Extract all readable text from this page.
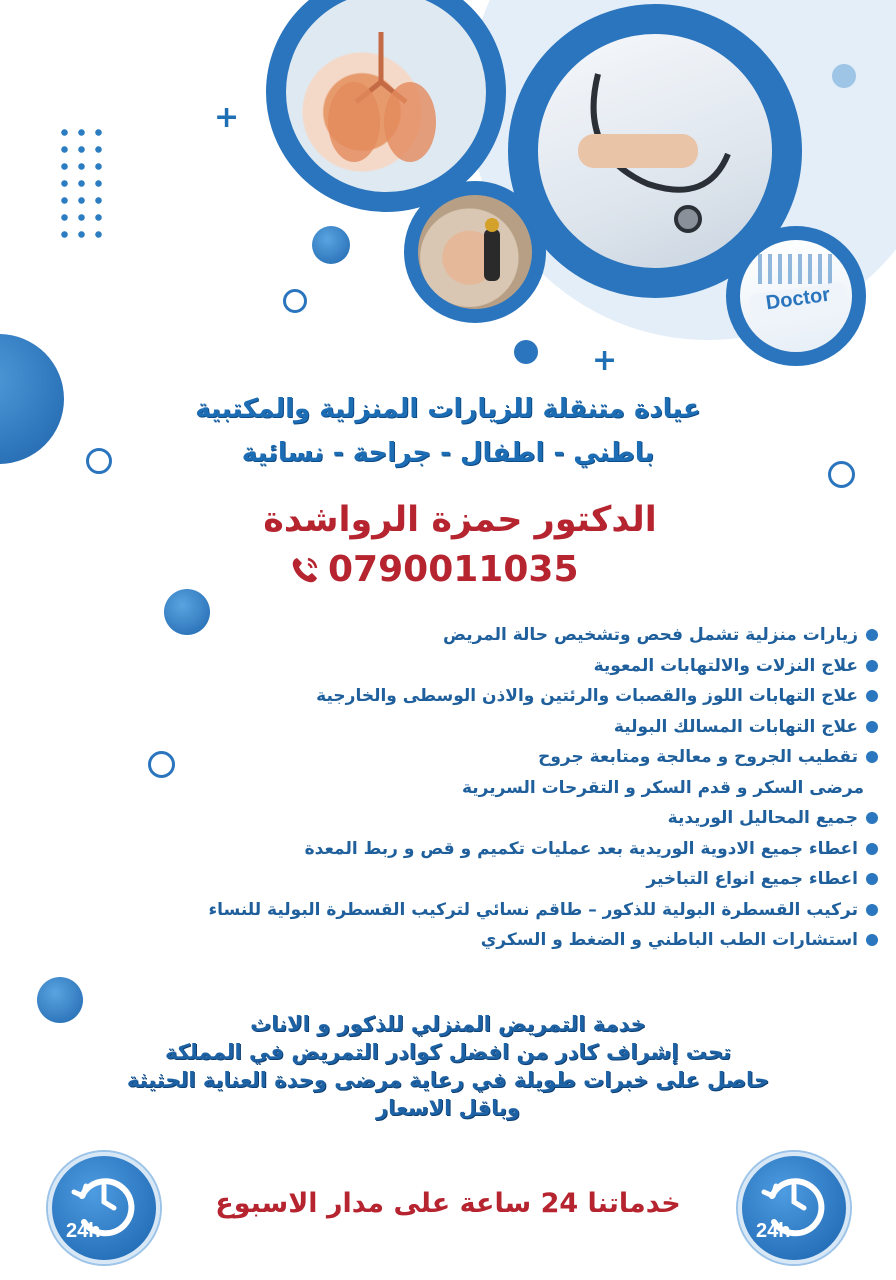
+
+
Doctor
عيادة متنقلة للزيارات المنزلية والمكتبية
باطني - اطفال - جراحة - نسائية
الدكتور حمزة الرواشدة
0790011035
زيارات منزلية تشمل فحص وتشخيص حالة المريض
علاج النزلات والالتهابات المعوية
علاج التهابات اللوز والقصبات والرئتين والاذن الوسطى والخارجية
علاج التهابات المسالك البولية
تقطيب الجروح و معالجة ومتابعة جروح
مرضى السكر و قدم السكر و التقرحات السريرية
جميع المحاليل الوريدية
اعطاء جميع الادوية الوريدية بعد عمليات تكميم و قص و ربط المعدة
اعطاء جميع انواع التباخير
تركيب القسطرة البولية للذكور – طاقم نسائي لتركيب القسطرة البولية للنساء
استشارات الطب الباطني و الضغط و السكري
خدمة التمريض المنزلي للذكور و الاناث
تحت إشراف كادر من افضل كوادر التمريض في المملكة
حاصل على خبرات طويلة في رعاية مرضى وحدة العناية الحثيثة
وباقل الاسعار
24h
خدماتنا 24 ساعة على مدار الاسبوع
24h
